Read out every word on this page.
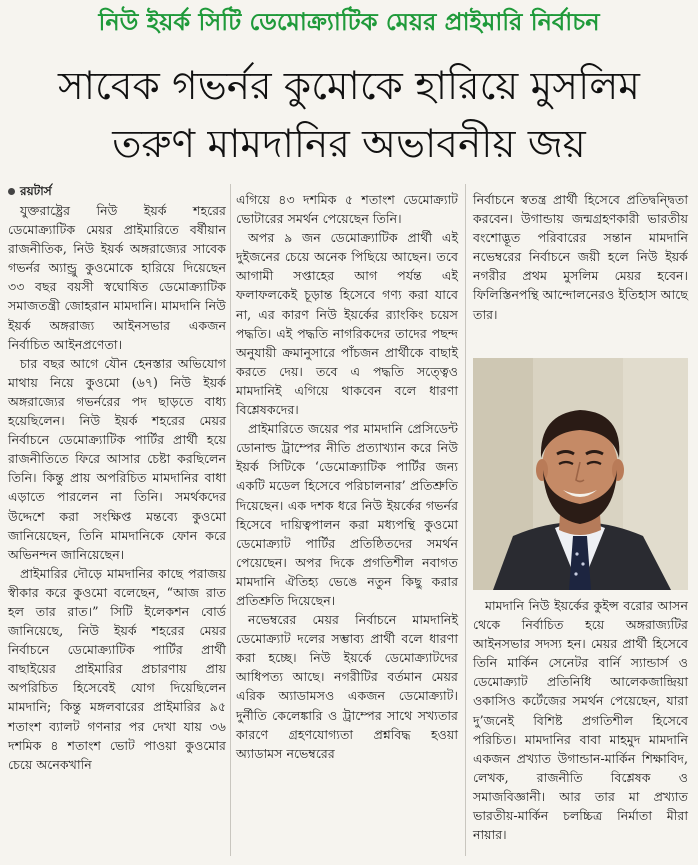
নিউ ইয়র্ক সিটি ডেমোক্র্যাটিক মেয়র প্রাইমারি নির্বাচন
সাবেক গভর্নর কুমোকে হারিয়ে মুসলিম
তরুণ মামদানির অভাবনীয় জয়
রয়টার্স

যুক্তরাষ্ট্রের নিউ ইয়র্ক শহরের ডেমোক্র্যাটিক মেয়র প্রাইমারিতে বর্ষীয়ান রাজনীতিক, নিউ ইয়র্ক অঙ্গরাজ্যের সাবেক গভর্নর অ্যান্ড্রু কুওমোকে হারিয়ে দিয়েছেন ৩৩ বছর বয়সী স্বঘোষিত ডেমোক্র্যাটিক সমাজতন্ত্রী জোহরান মামদানি। মামদানি নিউ ইয়র্ক অঙ্গরাজ্য আইনসভার একজন নির্বাচিত আইনপ্রণেতা।

চার বছর আগে যৌন হেনস্তার অভিযোগ মাথায় নিয়ে কুওমো (৬৭) নিউ ইয়র্ক অঙ্গরাজ্যের গভর্নরের পদ ছাড়তে বাধ্য হয়েছিলেন। নিউ ইয়র্ক শহরের মেয়র নির্বাচনে ডেমোক্র্যাটিক পার্টির প্রার্থী হয়ে রাজনীতিতে ফিরে আসার চেষ্টা করছিলেন তিনি। কিন্তু প্রায় অপরিচিত মামদানির বাধা এড়াতে পারলেন না তিনি। সমর্থকদের উদ্দেশে করা সংক্ষিপ্ত মন্তব্যে কুওমো জানিয়েছেন, তিনি মামদানিকে ফোন করে অভিনন্দন জানিয়েছেন।

প্রাইমারির দৌড়ে মামদানির কাছে পরাজয় স্বীকার করে কুওমো বলেছেন, “আজ রাত হল তার রাত।” সিটি ইলেকশন বোর্ড জানিয়েছে, নিউ ইয়র্ক শহরের মেয়র নির্বাচনে ডেমোক্র্যাটিক পার্টির প্রার্থী বাছাইয়ের প্রাইমারির প্রচারণায় প্রায় অপরিচিত হিসেবেই যোগ দিয়েছিলেন মামদানি; কিন্তু মঙ্গলবারের প্রাইমারির ৯৫ শতাংশ ব্যালট গণনার পর দেখা যায় ৩৬ দশমিক ৪ শতাংশ ভোট পাওয়া কুওমোর চেয়ে অনেকখানি

এগিয়ে ৪৩ দশমিক ৫ শতাংশ ডেমোক্র্যাট ভোটারের সমর্থন পেয়েছেন তিনি।

অপর ৯ জন ডেমোক্র্যাটিক প্রার্থী এই দুইজনের চেয়ে অনেক পিছিয়ে আছেন। তবে আগামী সপ্তাহের আগ পর্যন্ত এই ফলাফলকেই চূড়ান্ত হিসেবে গণ্য করা যাবে না, এর কারণ নিউ ইয়র্কের র‍্যাংকিং চয়েস পদ্ধতি। এই পদ্ধতি নাগরিকদের তাদের পছন্দ অনুযায়ী ক্রমানুসারে পাঁচজন প্রার্থীকে বাছাই করতে দেয়। তবে এ পদ্ধতি সত্ত্বেও মামদানিই এগিয়ে থাকবেন বলে ধারণা বিশ্লেষকদের।

প্রাইমারিতে জয়ের পর মামদানি প্রেসিডেন্ট ডোনাল্ড ট্রাম্পের নীতি প্রত্যাখ্যান করে নিউ ইয়র্ক সিটিকে ‘ডেমোক্র্যাটিক পার্টির জন্য একটি মডেল হিসেবে পরিচালনার’ প্রতিশ্রুতি দিয়েছেন। এক দশক ধরে নিউ ইয়র্কের গভর্নর হিসেবে দায়িত্বপালন করা মধ্যপন্থি কুওমো ডেমোক্র্যাট পার্টির প্রতিষ্ঠিতদের সমর্থন পেয়েছেন। অপর দিকে প্রগতিশীল নবাগত মামদানি ঐতিহ্য ভেঙে নতুন কিছু করার প্রতিশ্রুতি দিয়েছেন।

নভেম্বরের মেয়র নির্বাচনে মামদানিই ডেমোক্র্যাট দলের সম্ভাব্য প্রার্থী বলে ধারণা করা হচ্ছে। নিউ ইয়র্কে ডেমোক্র্যাটদের আধিপত্য আছে। নগরীটির বর্তমান মেয়র এরিক অ্যাডামসও একজন ডেমোক্র্যাট। দুর্নীতি কেলেঙ্কারি ও ট্রাম্পের সাথে সখ্যতার কারণে গ্রহণযোগ্যতা প্রশ্নবিদ্ধ হওয়া অ্যাডামস নভেম্বরের

নির্বাচনে স্বতন্ত্র প্রার্থী হিসেবে প্রতিদ্বন্দ্বিতা করবেন। উগান্ডায় জন্মগ্রহণকারী ভারতীয় বংশোদ্ভূত পরিবারের সন্তান মামদানি নভেম্বরের নির্বাচনে জয়ী হলে নিউ ইয়র্ক নগরীর প্রথম মুসলিম মেয়র হবেন। ফিলিস্তিনপন্থি আন্দোলনেরও ইতিহাস আছে তার।

মামদানি নিউ ইয়র্কের কুইন্স বরোর আসন থেকে নির্বাচিত হয়ে অঙ্গরাজ্যটির আইনসভার সদস্য হন। মেয়র প্রার্থী হিসেবে তিনি মার্কিন সেনেটর বার্নি স্যান্ডার্স ও ডেমোক্র্যাট প্রতিনিধি আলেকজান্দ্রিয়া ওকাসিও কর্টেজের সমর্থন পেয়েছেন, যারা দু’জনেই বিশিষ্ট প্রগতিশীল হিসেবে পরিচিত। মামদানির বাবা মাহমুদ মামদানি একজন প্রখ্যাত উগান্ডান-মার্কিন শিক্ষাবিদ, লেখক, রাজনীতি বিশ্লেষক ও সমাজবিজ্ঞানী। আর তার মা প্রখ্যাত ভারতীয়-মার্কিন চলচ্চিত্র নির্মাতা মীরা নায়ার।
